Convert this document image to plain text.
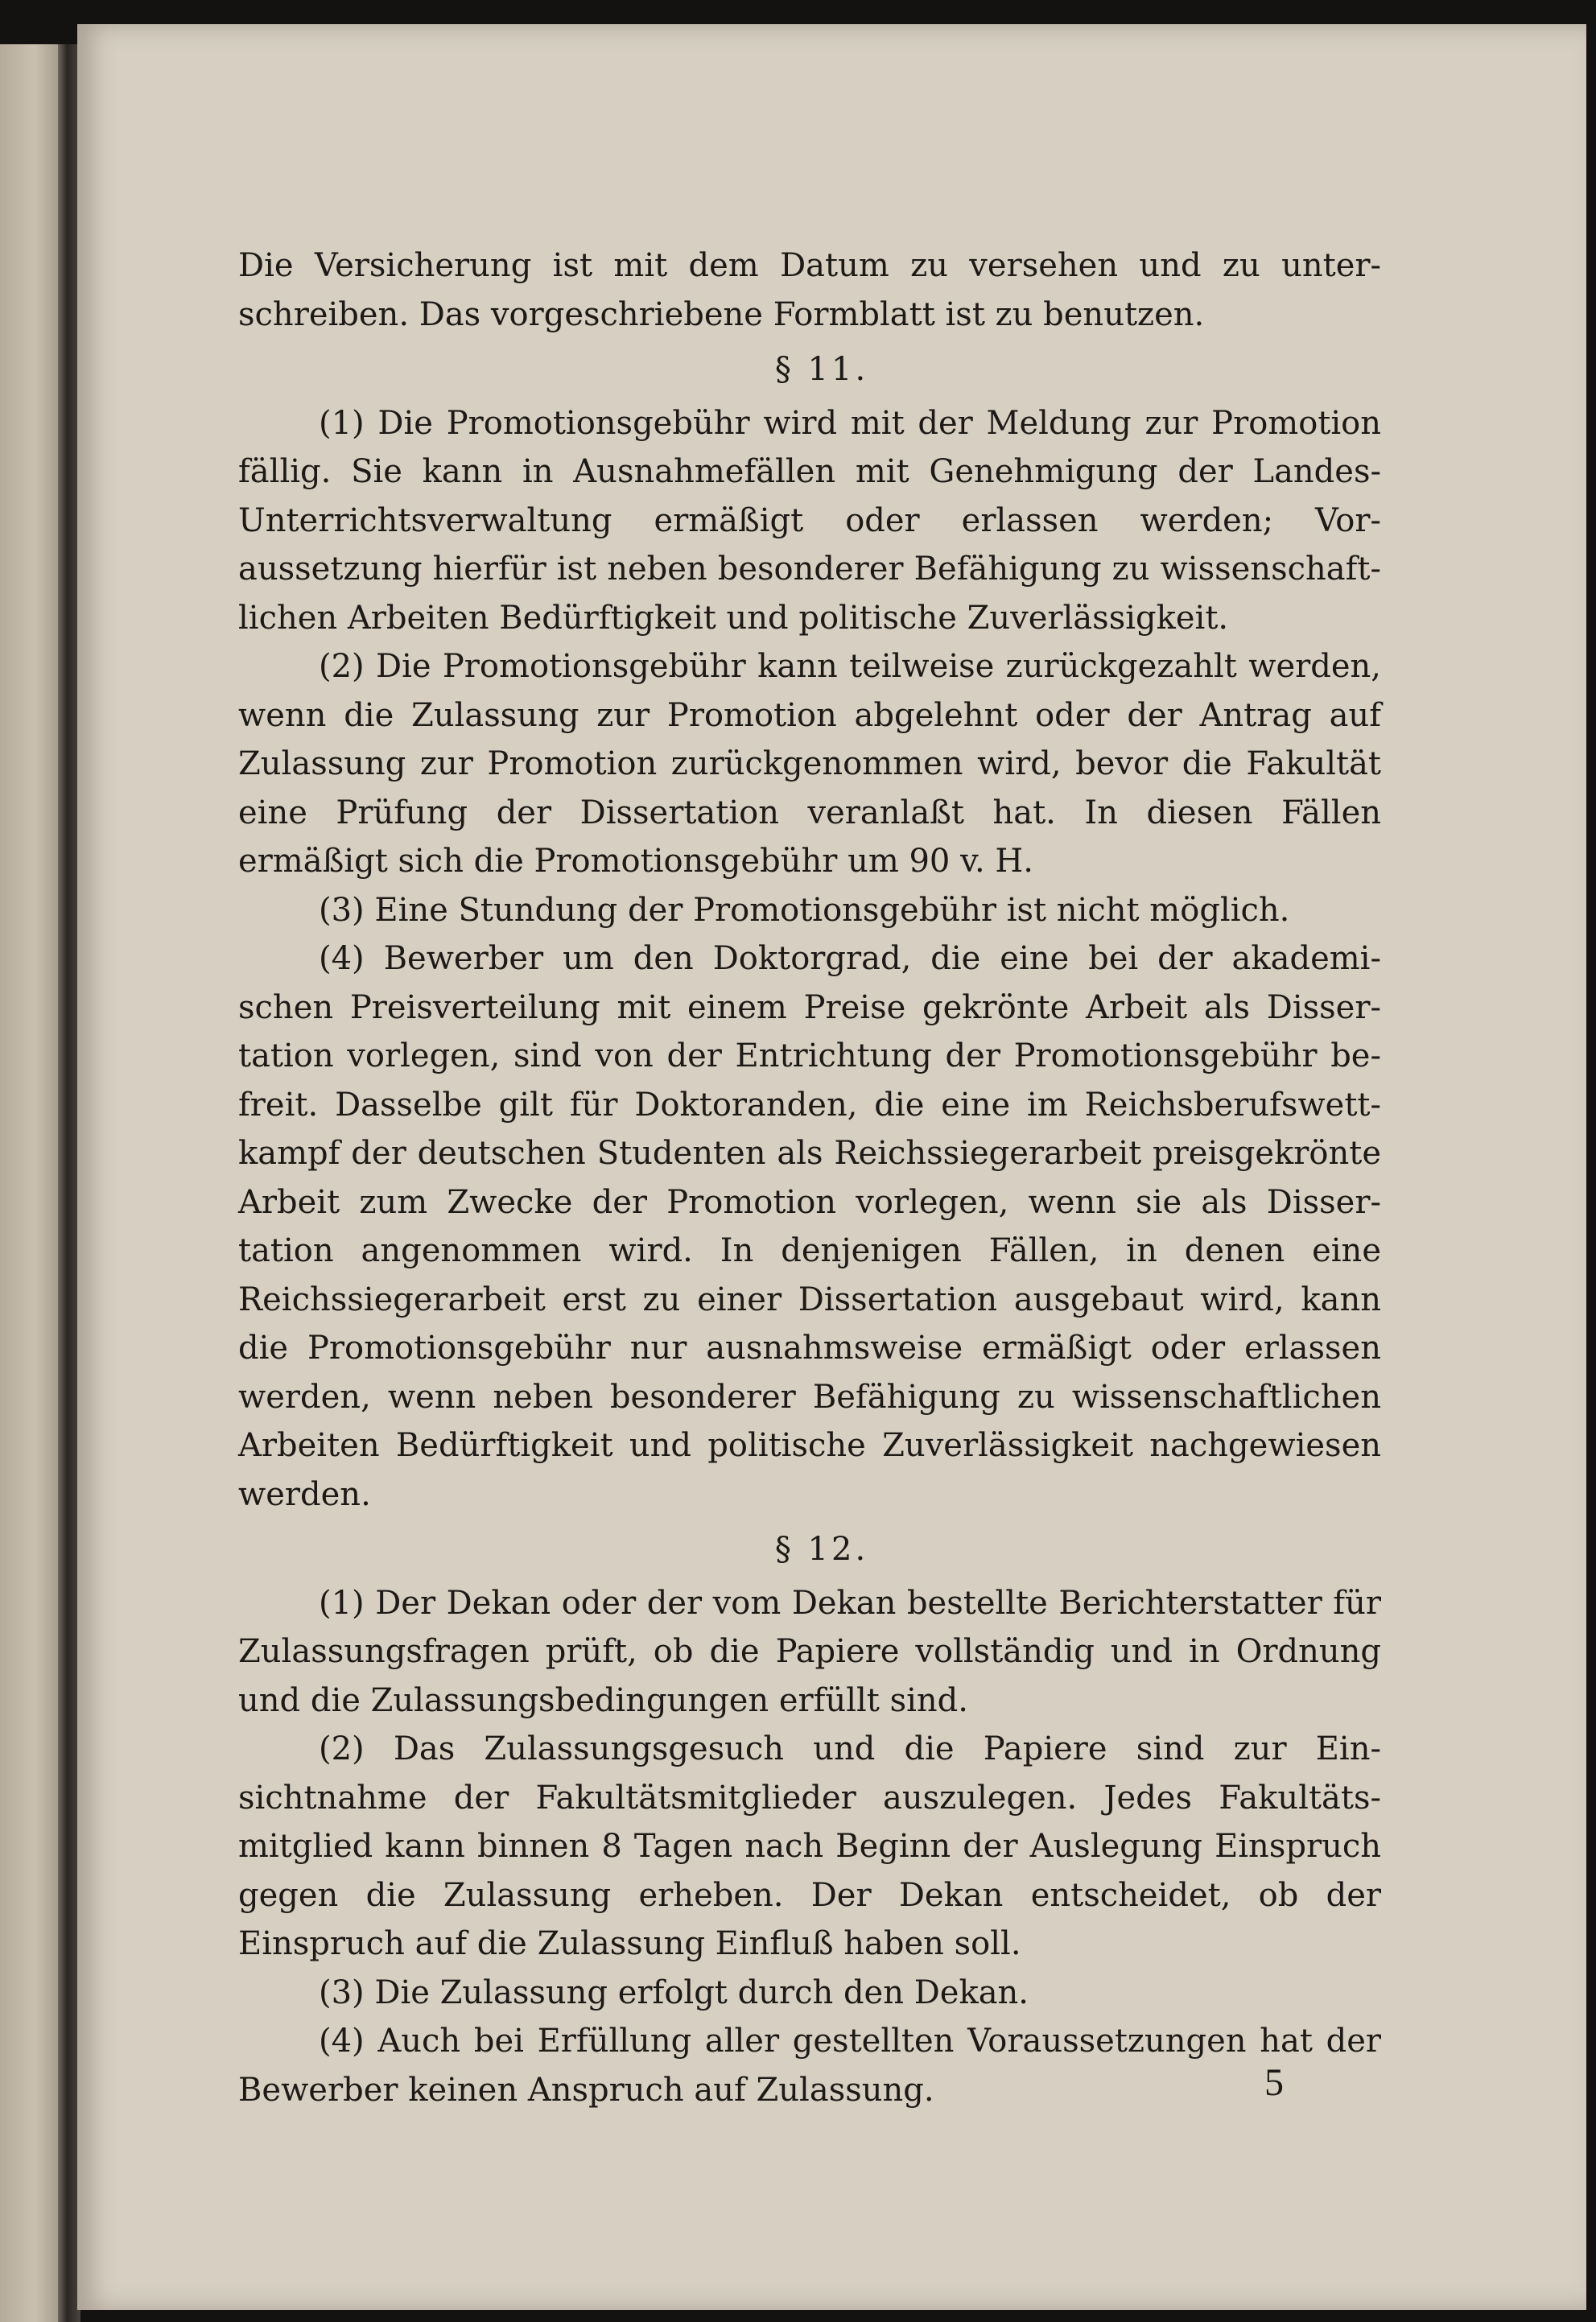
Die Versicherung ist mit dem Datum zu versehen und zu unterschreiben. Das vorgeschriebene Formblatt ist zu benutzen.

§ 11.

(1) Die Promotionsgebühr wird mit der Meldung zur Promotion fällig. Sie kann in Ausnahmefällen mit Genehmigung der Landes-Unterrichtsverwaltung ermäßigt oder erlassen werden; Voraussetzung hierfür ist neben besonderer Befähigung zu wissenschaftlichen Arbeiten Bedürftigkeit und politische Zuverlässigkeit.

(2) Die Promotionsgebühr kann teilweise zurückgezahlt werden, wenn die Zulassung zur Promotion abgelehnt oder der Antrag auf Zulassung zur Promotion zurückgenommen wird, bevor die Fakultät eine Prüfung der Dissertation veranlaßt hat. In diesen Fällen ermäßigt sich die Promotionsgebühr um 90 v. H.

(3) Eine Stundung der Promotionsgebühr ist nicht möglich.

(4) Bewerber um den Doktorgrad, die eine bei der akademischen Preisverteilung mit einem Preise gekrönte Arbeit als Dissertation vorlegen, sind von der Entrichtung der Promotionsgebühr befreit. Dasselbe gilt für Doktoranden, die eine im Reichsberufswettkampf der deutschen Studenten als Reichssiegerarbeit preisgekrönte Arbeit zum Zwecke der Promotion vorlegen, wenn sie als Dissertation angenommen wird. In denjenigen Fällen, in denen eine Reichssiegerarbeit erst zu einer Dissertation ausgebaut wird, kann die Promotionsgebühr nur ausnahmsweise ermäßigt oder erlassen werden, wenn neben besonderer Befähigung zu wissenschaftlichen Arbeiten Bedürftigkeit und politische Zuverlässigkeit nachgewiesen werden.

§ 12.

(1) Der Dekan oder der vom Dekan bestellte Berichterstatter für Zulassungsfragen prüft, ob die Papiere vollständig und in Ordnung und die Zulassungsbedingungen erfüllt sind.

(2) Das Zulassungsgesuch und die Papiere sind zur Einsichtnahme der Fakultätsmitglieder auszulegen. Jedes Fakultätsmitglied kann binnen 8 Tagen nach Beginn der Auslegung Einspruch gegen die Zulassung erheben. Der Dekan entscheidet, ob der Einspruch auf die Zulassung Einfluß haben soll.

(3) Die Zulassung erfolgt durch den Dekan.

(4) Auch bei Erfüllung aller gestellten Voraussetzungen hat der Bewerber keinen Anspruch auf Zulassung.	5
